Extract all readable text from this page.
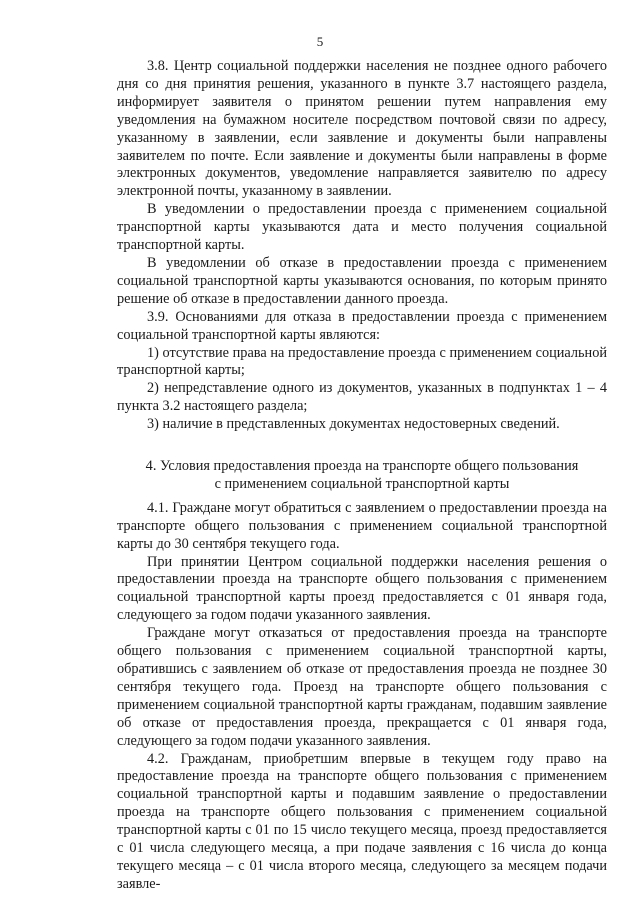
5

3.8. Центр социальной поддержки населения не позднее одного рабочего дня со дня принятия решения, указанного в пункте 3.7 настоящего раздела, информирует заявителя о принятом решении путем направления ему уведомления на бумажном носителе посредством почтовой связи по адресу, указанному в заявлении, если заявление и документы были направлены заявителем по почте. Если заявление и документы были направлены в форме электронных документов, уведомление направляется заявителю по адресу электронной почты, указанному в заявлении.

В уведомлении о предоставлении проезда с применением социальной транспортной карты указываются дата и место получения социальной транспортной карты.

В уведомлении об отказе в предоставлении проезда с применением социальной транспортной карты указываются основания, по которым принято решение об отказе в предоставлении данного проезда.

3.9. Основаниями для отказа в предоставлении проезда с применением социальной транспортной карты являются:

1) отсутствие права на предоставление проезда с применением социальной транспортной карты;

2) непредставление одного из документов, указанных в подпунктах 1 – 4 пункта 3.2 настоящего раздела;

3) наличие в представленных документах недостоверных сведений.

4. Условия предоставления проезда на транспорте общего пользования
с применением социальной транспортной карты

4.1. Граждане могут обратиться с заявлением о предоставлении проезда на транспорте общего пользования с применением социальной транспортной карты до 30 сентября текущего года.

При принятии Центром социальной поддержки населения решения о предоставлении проезда на транспорте общего пользования с применением социальной транспортной карты проезд предоставляется с 01 января года, следующего за годом подачи указанного заявления.

Граждане могут отказаться от предоставления проезда на транспорте общего пользования с применением социальной транспортной карты, обратившись с заявлением об отказе от предоставления проезда не позднее 30 сентября текущего года. Проезд на транспорте общего пользования с применением социальной транспортной карты гражданам, подавшим заявление об отказе от предоставления проезда, прекращается с 01 января года, следующего за годом подачи указанного заявления.

4.2. Гражданам, приобретшим впервые в текущем году право на предоставление проезда на транспорте общего пользования с применением социальной транспортной карты и подавшим заявление о предоставлении проезда на транспорте общего пользования с применением социальной транспортной карты с 01 по 15 число текущего месяца, проезд предоставляется с 01 числа следующего месяца, а при подаче заявления с 16 числа до конца текущего месяца – с 01 числа второго месяца, следующего за месяцем подачи заявле-
